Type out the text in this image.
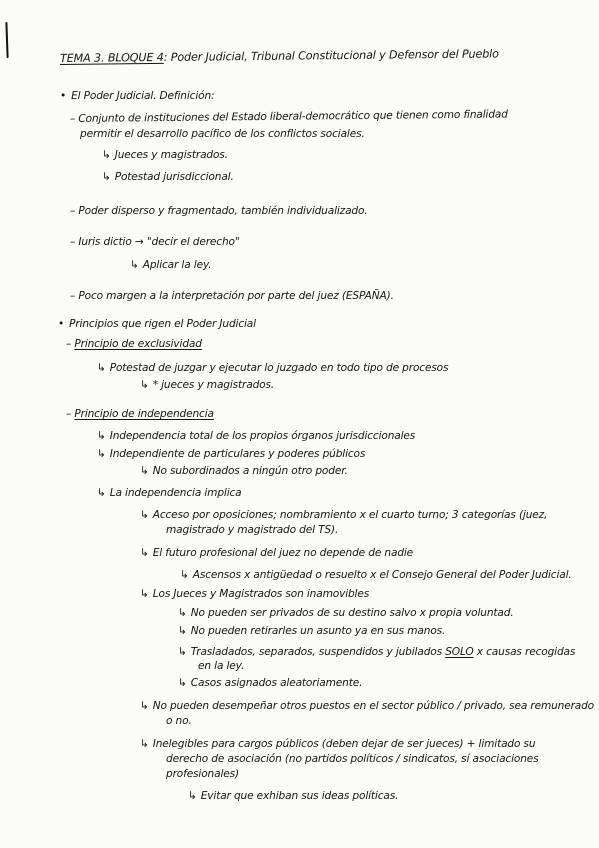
TEMA 3. BLOQUE 4: Poder Judicial, Tribunal Constitucional y Defensor del Pueblo
• El Poder Judicial. Definición:
– Conjunto de instituciones del Estado liberal-democrático que tienen como finalidad
permitir el desarrollo pacífico de los conflictos sociales.
↳ Jueces y magistrados.
↳ Potestad jurisdiccional.
– Poder disperso y fragmentado, también individualizado.
– Iuris dictio → "decir el derecho"
↳ Aplicar la ley.
– Poco margen a la interpretación por parte del juez (ESPAÑA).
• Principios que rigen el Poder Judicial
– Principio de exclusividad
↳ Potestad de juzgar y ejecutar lo juzgado en todo tipo de procesos
↳ * jueces y magistrados.
– Principio de independencia
↳ Independencia total de los propios órganos jurisdiccionales
↳ Independiente de particulares y poderes públicos
↳ No subordinados a ningún otro poder.
↳ La independencia implica
↳ Acceso por oposiciones; nombramiento x el cuarto turno; 3 categorías (juez,
magistrado y magistrado del TS).
↳ El futuro profesional del juez no depende de nadie
↳ Ascensos x antigüedad o resuelto x el Consejo General del Poder Judicial.
↳ Los Jueces y Magistrados son inamovibles
↳ No pueden ser privados de su destino salvo x propia voluntad.
↳ No pueden retirarles un asunto ya en sus manos.
↳ Trasladados, separados, suspendidos y jubilados SOLO x causas recogidas
en la ley.
↳ Casos asignados aleatoriamente.
↳ No pueden desempeñar otros puestos en el sector público / privado, sea remunerado
o no.
↳ Inelegibles para cargos públicos (deben dejar de ser jueces) + limitado su
derecho de asociación (no partidos políticos / sindicatos, sí asociaciones
profesionales)
↳ Evitar que exhiban sus ideas políticas.
